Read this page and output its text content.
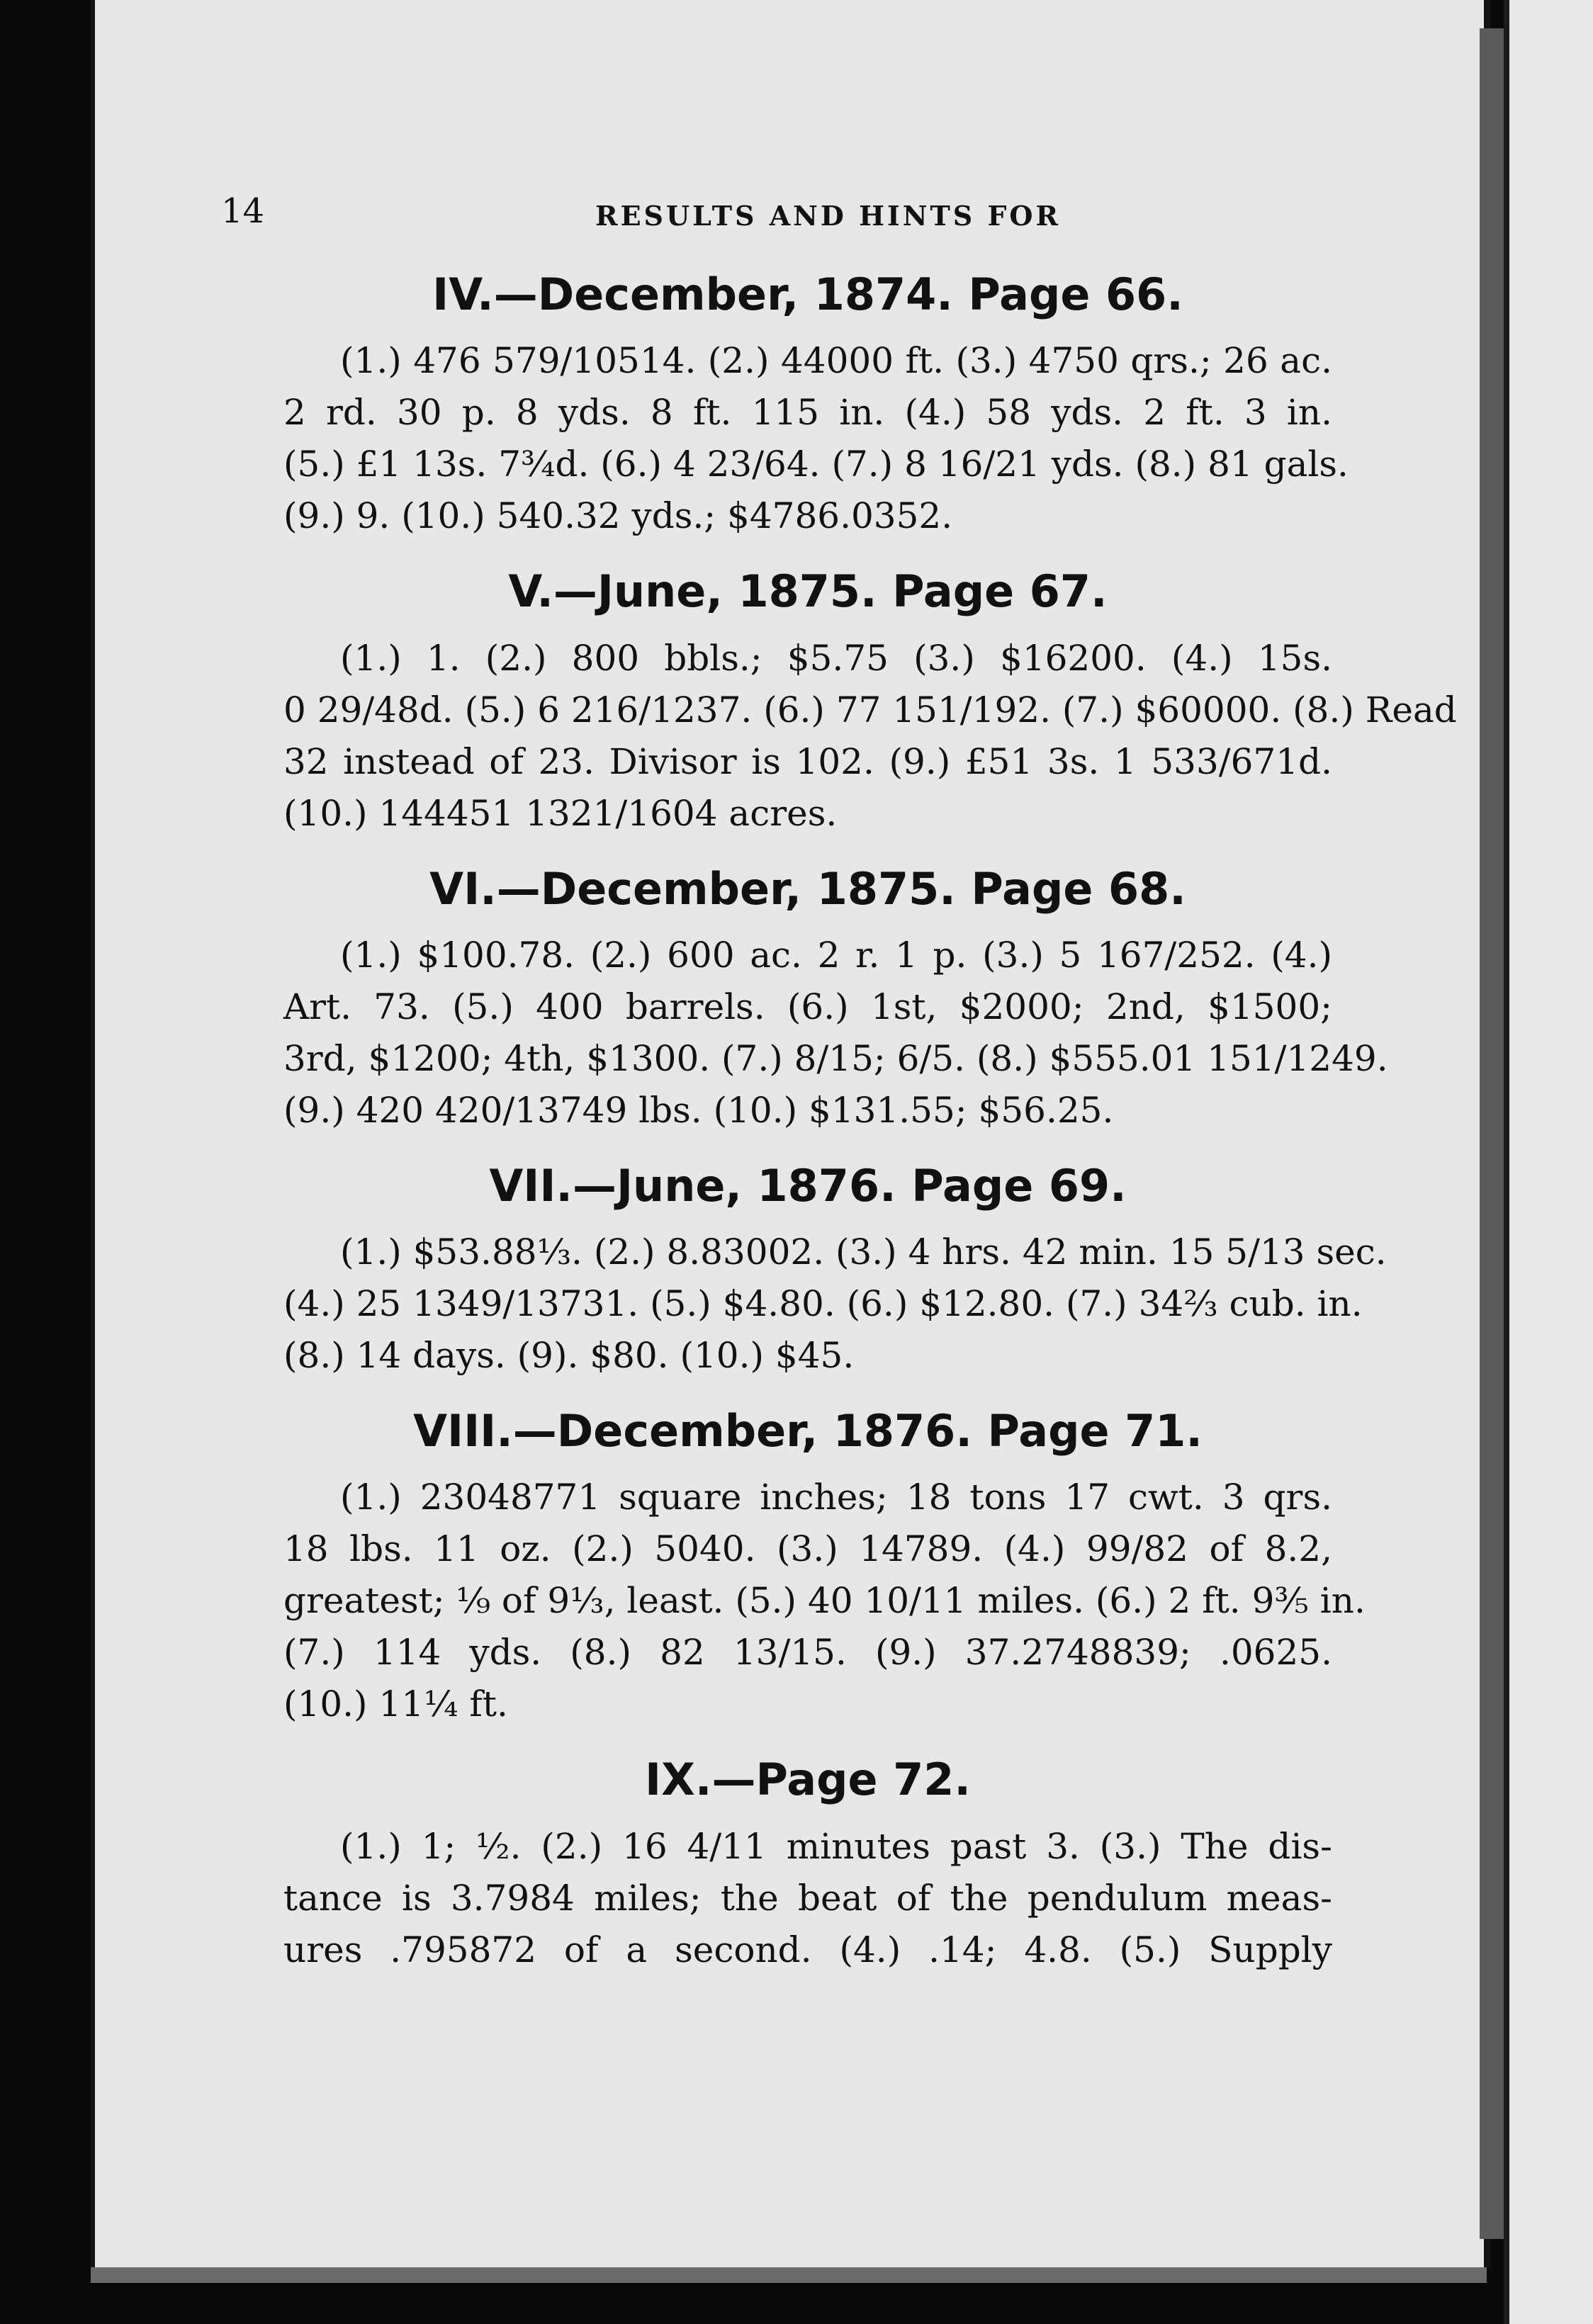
14	RESULTS AND HINTS FOR
IV.—December, 1874. Page 66.
(1.) 476 579/10514. (2.) 44000 ft. (3.) 4750 qrs.; 26 ac.
2 rd. 30 p. 8 yds. 8 ft. 115 in. (4.) 58 yds. 2 ft. 3 in.
(5.) £1 13s. 7¾d. (6.) 4 23/64. (7.) 8 16/21 yds. (8.) 81 gals.
(9.) 9. (10.) 540.32 yds.; $4786.0352.
V.—June, 1875. Page 67.
(1.) 1. (2.) 800 bbls.; $5.75 (3.) $16200. (4.) 15s.
0 29/48d. (5.) 6 216/1237. (6.) 77 151/192. (7.) $60000. (8.) Read
32 instead of 23. Divisor is 102. (9.) £51 3s. 1 533/671d.
(10.) 144451 1321/1604 acres.
VI.—December, 1875. Page 68.
(1.) $100.78. (2.) 600 ac. 2 r. 1 p. (3.) 5 167/252. (4.)
Art. 73. (5.) 400 barrels. (6.) 1st, $2000; 2nd, $1500;
3rd, $1200; 4th, $1300. (7.) 8/15; 6/5. (8.) $555.01 151/1249.
(9.) 420 420/13749 lbs. (10.) $131.55; $56.25.
VII.—June, 1876. Page 69.
(1.) $53.88⅓. (2.) 8.83002. (3.) 4 hrs. 42 min. 15 5/13 sec.
(4.) 25 1349/13731. (5.) $4.80. (6.) $12.80. (7.) 34⅔ cub. in.
(8.) 14 days. (9). $80. (10.) $45.
VIII.—December, 1876. Page 71.
(1.) 23048771 square inches; 18 tons 17 cwt. 3 qrs.
18 lbs. 11 oz. (2.) 5040. (3.) 14789. (4.) 99/82 of 8.2,
greatest; ⅑ of 9⅓, least. (5.) 40 10/11 miles. (6.) 2 ft. 9⅗ in.
(7.) 114 yds. (8.) 82 13/15. (9.) 37.2748839; .0625.
(10.) 11¼ ft.
IX.—Page 72.
(1.) 1; ½. (2.) 16 4/11 minutes past 3. (3.) The dis-
tance is 3.7984 miles; the beat of the pendulum meas-
ures .795872 of a second. (4.) .14; 4.8. (5.) Supply
